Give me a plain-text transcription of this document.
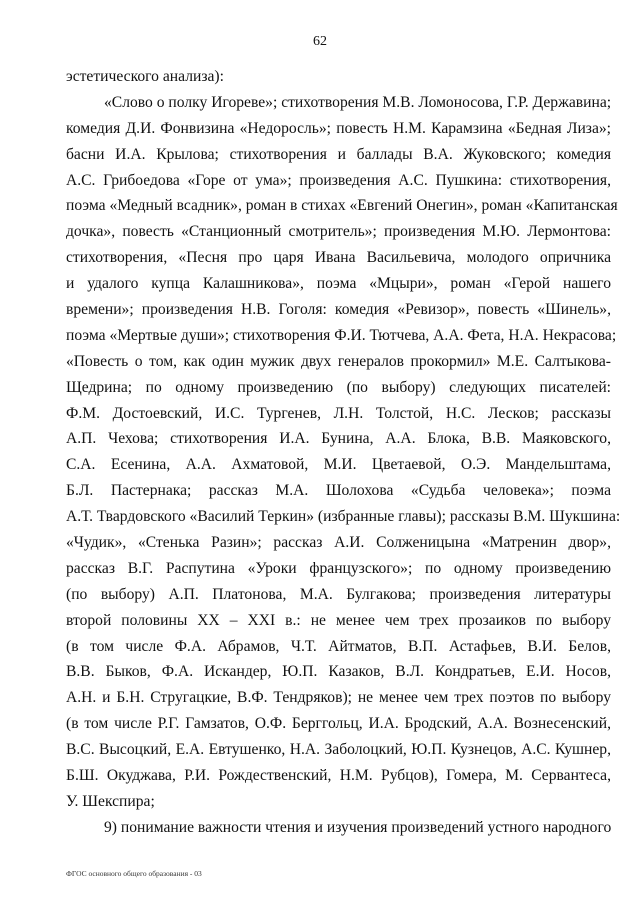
62
эстетического анализа):
«Слово о полку Игореве»; стихотворения М.В. Ломоносова, Г.Р. Державина;
комедия Д.И. Фонвизина «Недоросль»; повесть Н.М. Карамзина «Бедная Лиза»;
басни И.А. Крылова; стихотворения и баллады В.А. Жуковского; комедия
А.С. Грибоедова «Горе от ума»; произведения А.С. Пушкина: стихотворения,
поэма «Медный всадник», роман в стихах «Евгений Онегин», роман «Капитанская
дочка», повесть «Станционный смотритель»; произведения М.Ю. Лермонтова:
стихотворения, «Песня про царя Ивана Васильевича, молодого опричника
и удалого купца Калашникова», поэма «Мцыри», роман «Герой нашего
времени»; произведения Н.В. Гоголя: комедия «Ревизор», повесть «Шинель»,
поэма «Мертвые души»; стихотворения Ф.И. Тютчева, А.А. Фета, Н.А. Некрасова;
«Повесть о том, как один мужик двух генералов прокормил» М.Е. Салтыкова-
Щедрина; по одному произведению (по выбору) следующих писателей:
Ф.М. Достоевский, И.С. Тургенев, Л.Н. Толстой, Н.С. Лесков; рассказы
А.П. Чехова; стихотворения И.А. Бунина, А.А. Блока, В.В. Маяковского,
С.А. Есенина, А.А. Ахматовой, М.И. Цветаевой, О.Э. Мандельштама,
Б.Л. Пастернака; рассказ М.А. Шолохова «Судьба человека»; поэма
А.Т. Твардовского «Василий Теркин» (избранные главы); рассказы В.М. Шукшина:
«Чудик», «Стенька Разин»; рассказ А.И. Солженицына «Матренин двор»,
рассказ В.Г. Распутина «Уроки французского»; по одному произведению
(по выбору) А.П. Платонова, М.А. Булгакова; произведения литературы
второй половины XX – XXI в.: не менее чем трех прозаиков по выбору
(в том числе Ф.А. Абрамов, Ч.Т. Айтматов, В.П. Астафьев, В.И. Белов,
В.В. Быков, Ф.А. Искандер, Ю.П. Казаков, В.Л. Кондратьев, Е.И. Носов,
А.Н. и Б.Н. Стругацкие, В.Ф. Тендряков); не менее чем трех поэтов по выбору
(в том числе Р.Г. Гамзатов, О.Ф. Берггольц, И.А. Бродский, А.А. Вознесенский,
В.С. Высоцкий, Е.А. Евтушенко, Н.А. Заболоцкий, Ю.П. Кузнецов, А.С. Кушнер,
Б.Ш. Окуджава, Р.И. Рождественский, Н.М. Рубцов), Гомера, М. Сервантеса,
У. Шекспира;
9) понимание важности чтения и изучения произведений устного народного
ФГОС основного общего образования - 03
